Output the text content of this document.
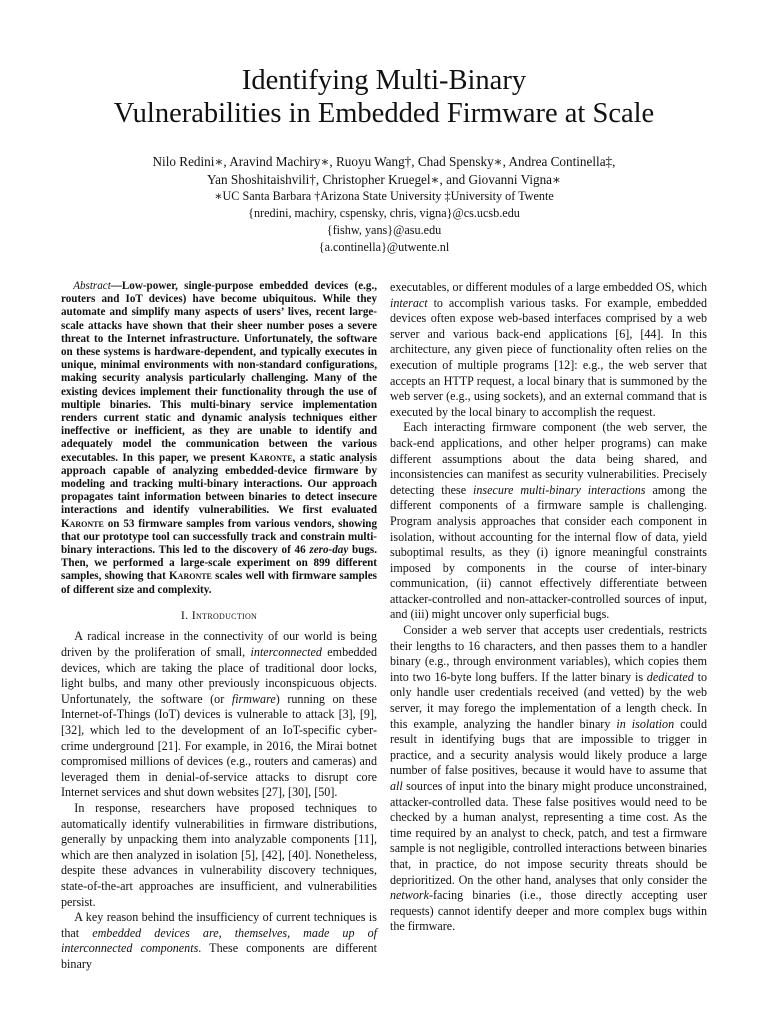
Identifying Multi-Binary
Vulnerabilities in Embedded Firmware at Scale
Nilo Redini∗, Aravind Machiry∗, Ruoyu Wang†, Chad Spensky∗, Andrea Continella‡,
Yan Shoshitaishvili†, Christopher Kruegel∗, and Giovanni Vigna∗
∗UC Santa Barbara †Arizona State University ‡University of Twente
{nredini, machiry, cspensky, chris, vigna}@cs.ucsb.edu
{fishw, yans}@asu.edu
{a.continella}@utwente.nl

Abstract—Low-power, single-purpose embedded devices (e.g., routers and IoT devices) have become ubiquitous. While they automate and simplify many aspects of users’ lives, recent large-scale attacks have shown that their sheer number poses a severe threat to the Internet infrastructure. Unfortunately, the software on these systems is hardware-dependent, and typically executes in unique, minimal environments with non-standard configurations, making security analysis particularly challenging. Many of the existing devices implement their functionality through the use of multiple binaries. This multi-binary service implementation renders current static and dynamic analysis techniques either ineffective or inefficient, as they are unable to identify and adequately model the communication between the various executables. In this paper, we present Karonte, a static analysis approach capable of analyzing embedded-device firmware by modeling and tracking multi-binary interactions. Our approach propagates taint information between binaries to detect insecure interactions and identify vulnerabilities. We first evaluated Karonte on 53 firmware samples from various vendors, showing that our prototype tool can successfully track and constrain multi-binary interactions. This led to the discovery of 46 zero-day bugs. Then, we performed a large-scale experiment on 899 different samples, showing that Karonte scales well with firmware samples of different size and complexity.

I. Introduction

A radical increase in the connectivity of our world is being driven by the proliferation of small, interconnected embedded devices, which are taking the place of traditional door locks, light bulbs, and many other previously inconspicuous objects. Unfortunately, the software (or firmware) running on these Internet-of-Things (IoT) devices is vulnerable to attack [3], [9], [32], which led to the development of an IoT-specific cyber-crime underground [21]. For example, in 2016, the Mirai botnet compromised millions of devices (e.g., routers and cameras) and leveraged them in denial-of-service attacks to disrupt core Internet services and shut down websites [27], [30], [50].

In response, researchers have proposed techniques to automatically identify vulnerabilities in firmware distributions, generally by unpacking them into analyzable components [11], which are then analyzed in isolation [5], [42], [40]. Nonetheless, despite these advances in vulnerability discovery techniques, state-of-the-art approaches are insufficient, and vulnerabilities persist.

A key reason behind the insufficiency of current techniques is that embedded devices are, themselves, made up of interconnected components. These components are different binary

executables, or different modules of a large embedded OS, which interact to accomplish various tasks. For example, embedded devices often expose web-based interfaces comprised by a web server and various back-end applications [6], [44]. In this architecture, any given piece of functionality often relies on the execution of multiple programs [12]: e.g., the web server that accepts an HTTP request, a local binary that is summoned by the web server (e.g., using sockets), and an external command that is executed by the local binary to accomplish the request.

Each interacting firmware component (the web server, the back-end applications, and other helper programs) can make different assumptions about the data being shared, and inconsistencies can manifest as security vulnerabilities. Precisely detecting these insecure multi-binary interactions among the different components of a firmware sample is challenging. Program analysis approaches that consider each component in isolation, without accounting for the internal flow of data, yield suboptimal results, as they (i) ignore meaningful constraints imposed by components in the course of inter-binary communication, (ii) cannot effectively differentiate between attacker-controlled and non-attacker-controlled sources of input, and (iii) might uncover only superficial bugs.

Consider a web server that accepts user credentials, restricts their lengths to 16 characters, and then passes them to a handler binary (e.g., through environment variables), which copies them into two 16-byte long buffers. If the latter binary is dedicated to only handle user credentials received (and vetted) by the web server, it may forego the implementation of a length check. In this example, analyzing the handler binary in isolation could result in identifying bugs that are impossible to trigger in practice, and a security analysis would likely produce a large number of false positives, because it would have to assume that all sources of input into the binary might produce unconstrained, attacker-controlled data. These false positives would need to be checked by a human analyst, representing a time cost. As the time required by an analyst to check, patch, and test a firmware sample is not negligible, controlled interactions between binaries that, in practice, do not impose security threats should be deprioritized. On the other hand, analyses that only consider the network-facing binaries (i.e., those directly accepting user requests) cannot identify deeper and more complex bugs within the firmware.
